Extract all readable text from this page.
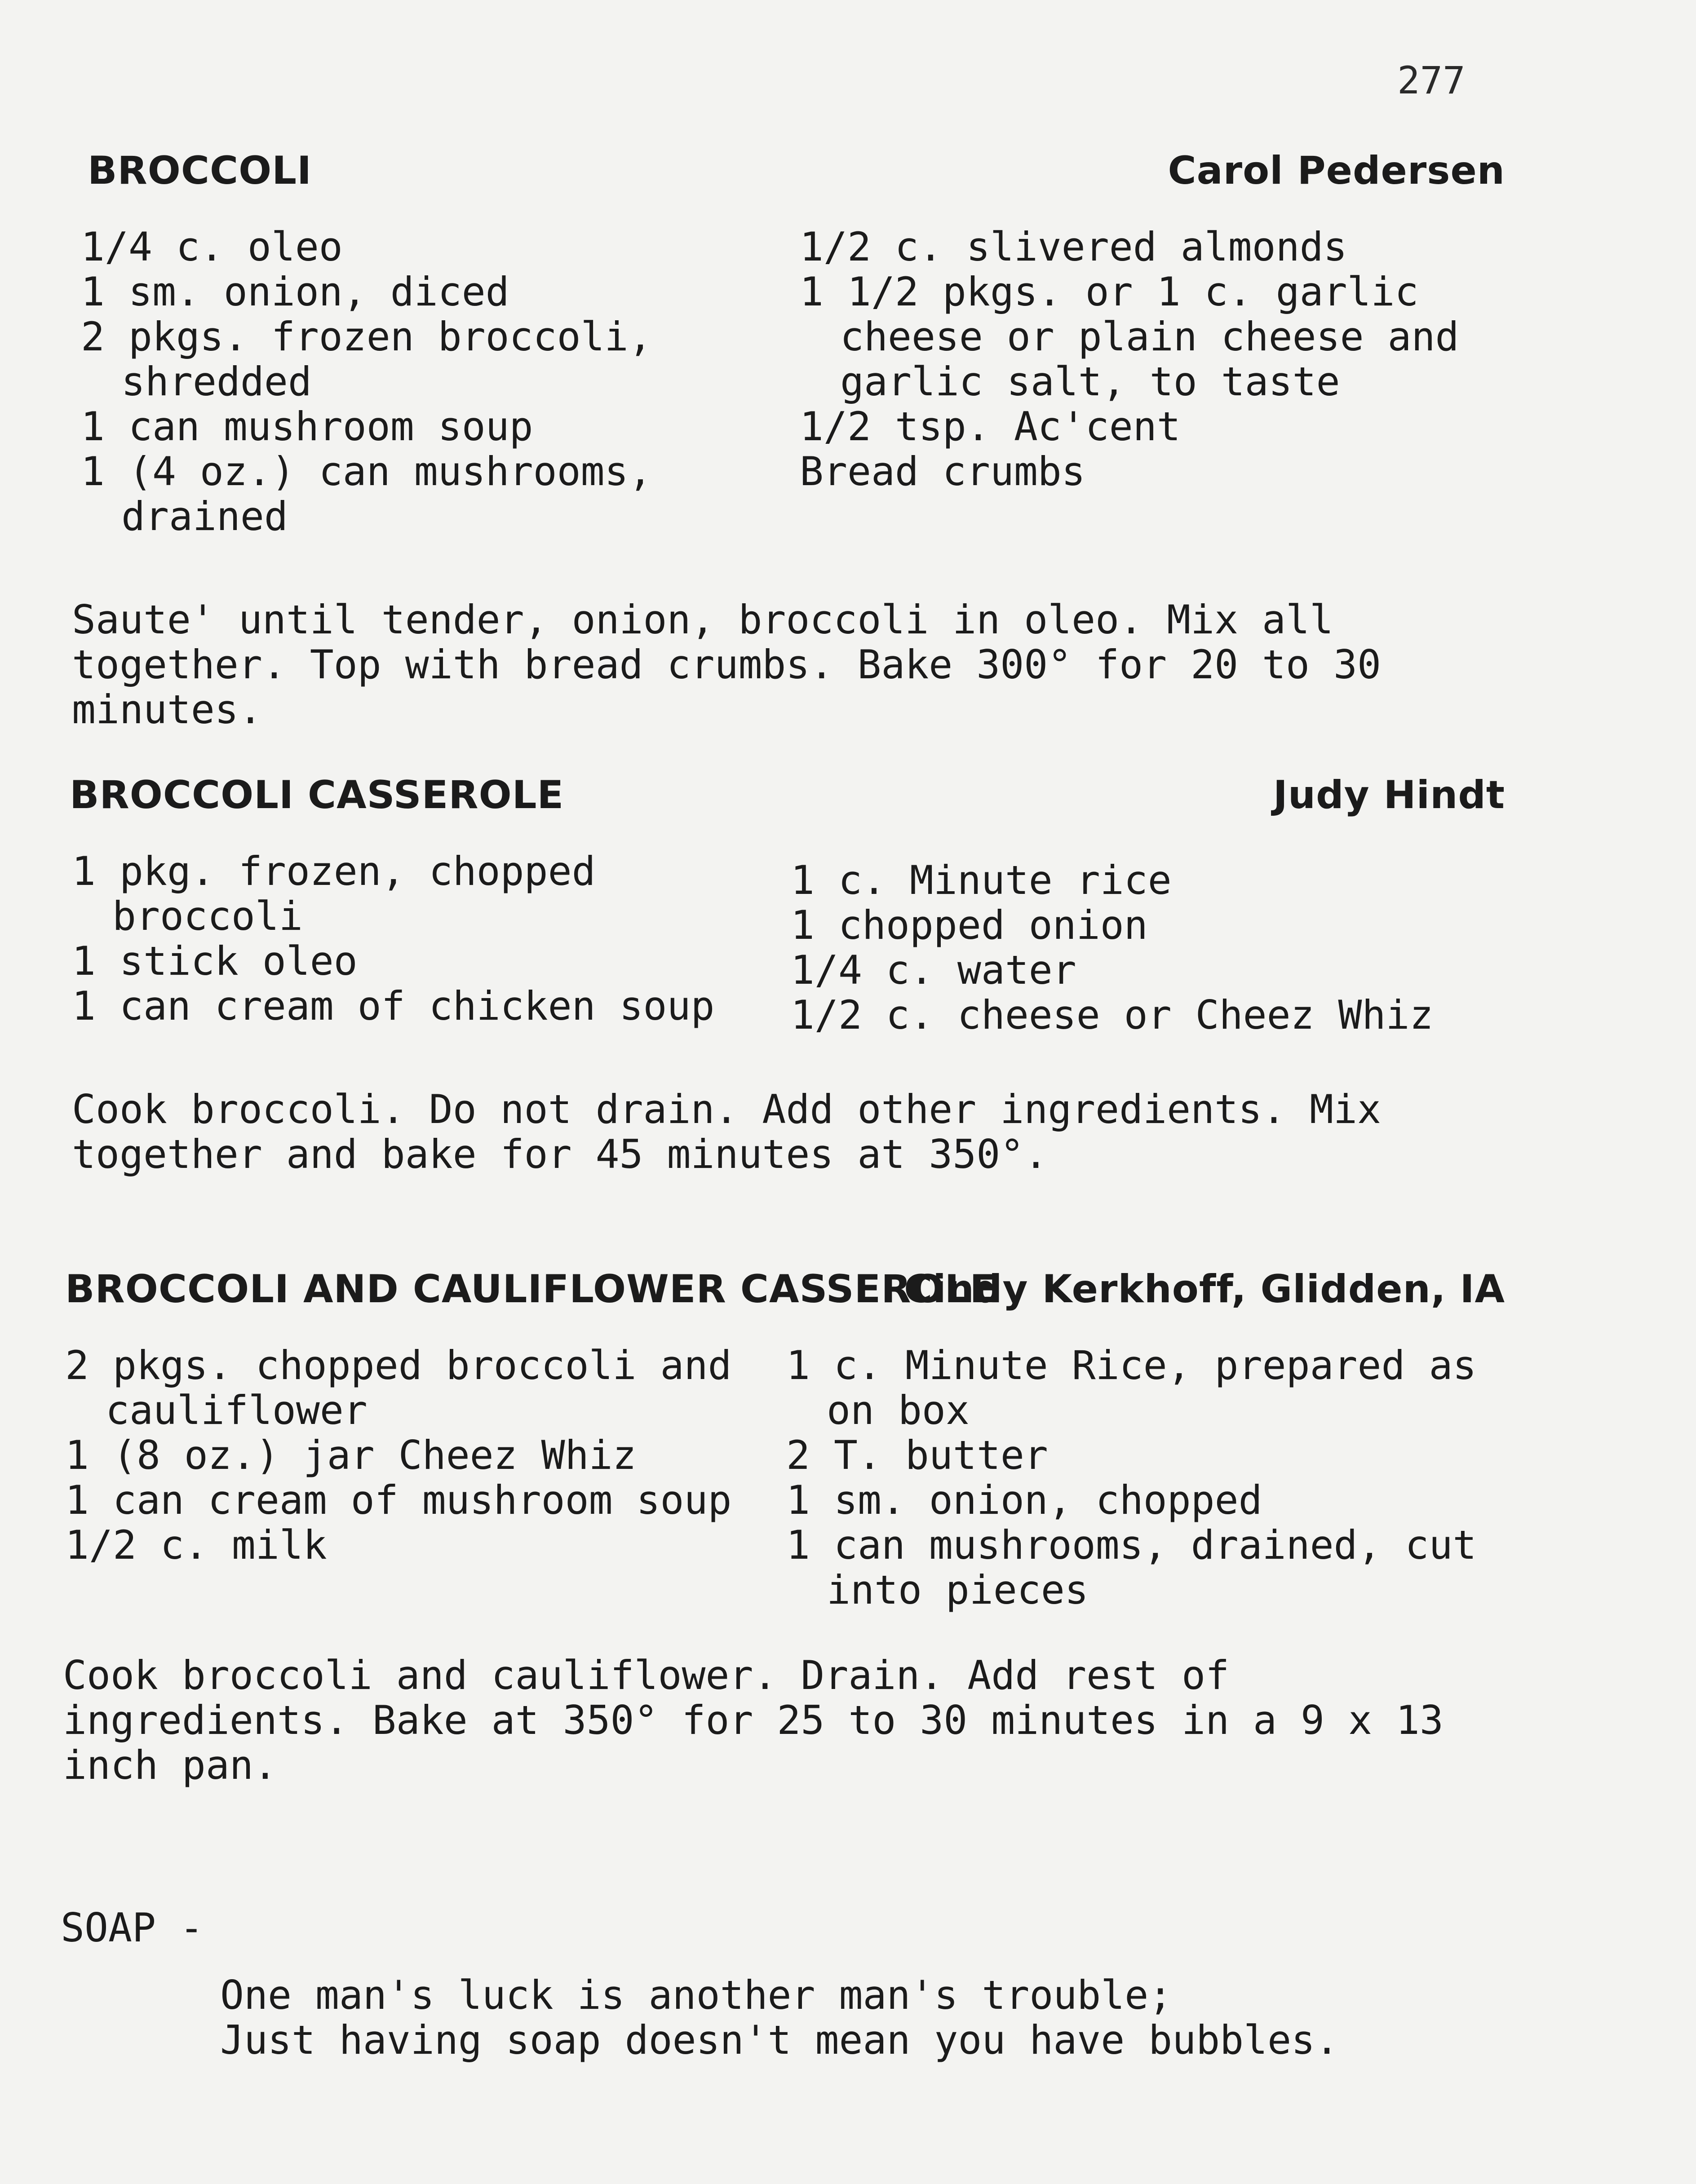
277
BROCCOLI	Carol Pedersen
1/4 c. oleo
1 sm. onion, diced
2 pkgs. frozen broccoli, shredded
1 can mushroom soup
1 (4 oz.) can mushrooms, drained
1/2 c. slivered almonds
1 1/2 pkgs. or 1 c. garlic cheese or plain cheese and garlic salt, to taste
1/2 tsp. Ac'cent
Bread crumbs
Saute' until tender, onion, broccoli in oleo. Mix all together. Top with bread crumbs. Bake 300° for 20 to 30 minutes.
BROCCOLI CASSEROLE	Judy Hindt
1 pkg. frozen, chopped broccoli
1 stick oleo
1 can cream of chicken soup
1 c. Minute rice
1 chopped onion
1/4 c. water
1/2 c. cheese or Cheez Whiz
Cook broccoli. Do not drain. Add other ingredients. Mix together and bake for 45 minutes at 350°.
BROCCOLI AND CAULIFLOWER CASSEROLE
Cindy Kerkhoff, Glidden, IA
2 pkgs. chopped broccoli and cauliflower
1 (8 oz.) jar Cheez Whiz
1 can cream of mushroom soup
1/2 c. milk
1 c. Minute Rice, prepared as on box
2 T. butter
1 sm. onion, chopped
1 can mushrooms, drained, cut into pieces
Cook broccoli and cauliflower. Drain. Add rest of ingredients. Bake at 350° for 25 to 30 minutes in a 9 x 13 inch pan.
SOAP -
One man's luck is another man's trouble;
Just having soap doesn't mean you have bubbles.
